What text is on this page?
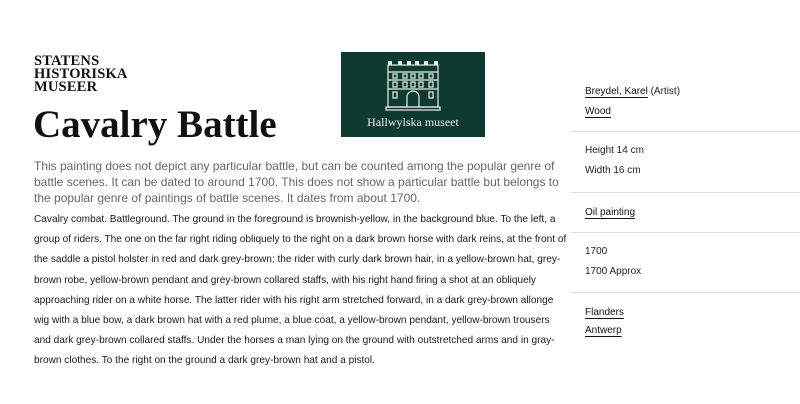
STATENS
HISTORISKA
MUSEER
Cavalry Battle	Hallwylska museet

This painting does not depict any particular battle, but can be counted among the popular genre of battle scenes. It can be dated to around 1700. This does not show a particular battle but belongs to the popular genre of paintings of battle scenes. It dates from about 1700.

Cavalry combat. Battleground. The ground in the foreground is brownish-yellow, in the background blue. To the left, a group of riders. The one on the far right riding obliquely to the right on a dark brown horse with dark reins, at the front of the saddle a pistol holster in red and dark grey-brown; the rider with curly dark brown hair, in a yellow-brown hat, grey-brown robe, yellow-brown pendant and grey-brown collared staffs, with his right hand firing a shot at an obliquely approaching rider on a white horse. The latter rider with his right arm stretched forward, in a dark grey-brown allonge wig with a blue bow, a dark brown hat with a red plume, a blue coat, a yellow-brown pendant, yellow-brown trousers and dark grey-brown collared staffs. Under the horses a man lying on the ground with outstretched arms and in gray-brown clothes. To the right on the ground a dark grey-brown hat and a pistol.

Breydel, Karel (Artist)
Wood
Height 14 cm
Width 16 cm
Oil painting
1700
1700 Approx
Flanders
Antwerp
